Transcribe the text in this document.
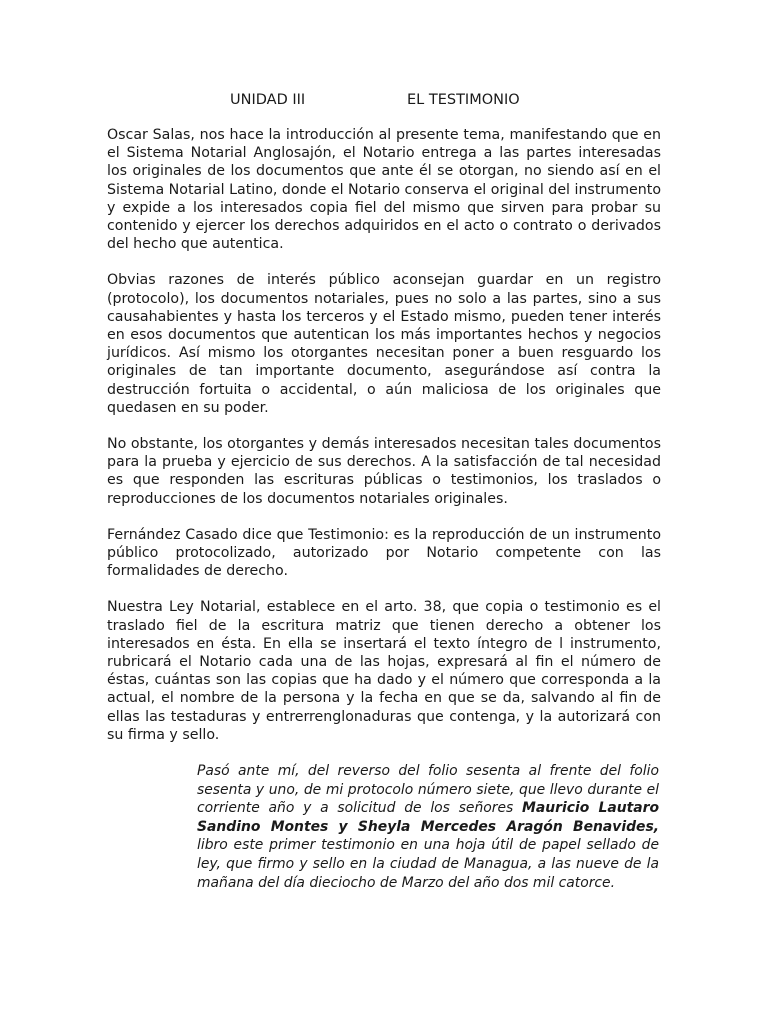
UNIDAD III	EL TESTIMONIO

Oscar Salas, nos hace la introducción al presente tema, manifestando que en el Sistema Notarial Anglosajón, el Notario entrega a las partes interesadas los originales de los documentos que ante él se otorgan, no siendo así en el Sistema Notarial Latino, donde el Notario conserva el original del instrumento y expide a los interesados copia fiel del mismo que sirven para probar su contenido y ejercer los derechos adquiridos en el acto o contrato o derivados del hecho que autentica.

Obvias razones de interés público aconsejan guardar en un registro (protocolo), los documentos notariales, pues no solo a las partes, sino a sus causahabientes y hasta los terceros y el Estado mismo, pueden tener interés en esos documentos que autentican los más importantes hechos y negocios jurídicos. Así mismo los otorgantes necesitan poner a buen resguardo los originales de tan importante documento, asegurándose así contra la destrucción fortuita o accidental, o aún maliciosa de los originales que quedasen en su poder.

No obstante, los otorgantes y demás interesados necesitan tales documentos para la prueba y ejercicio de sus derechos. A la satisfacción de tal necesidad es que responden las escrituras públicas o testimonios, los traslados o reproducciones de los documentos notariales originales.

Fernández Casado dice que Testimonio: es la reproducción de un instrumento público protocolizado, autorizado por Notario competente con las formalidades de derecho.

Nuestra Ley Notarial, establece en el arto. 38, que copia o testimonio es el traslado fiel de la escritura matriz que tienen derecho a obtener los interesados en ésta. En ella se insertará el texto íntegro de l instrumento, rubricará el Notario cada una de las hojas, expresará al fin el número de éstas, cuántas son las copias que ha dado y el número que corresponda a la actual, el nombre de la persona y la fecha en que se da, salvando al fin de ellas las testaduras y entrerrenglonaduras que contenga, y la autorizará con su firma y sello.

Pasó ante mí, del reverso del folio sesenta al frente del folio sesenta y uno, de mi protocolo número siete, que llevo durante el corriente año y a solicitud de los señores Mauricio Lautaro Sandino Montes y Sheyla Mercedes Aragón Benavides, libro este primer testimonio en una hoja útil de papel sellado de ley, que firmo y sello en la ciudad de Managua, a las nueve de la mañana del día dieciocho de Marzo del año dos mil catorce.
